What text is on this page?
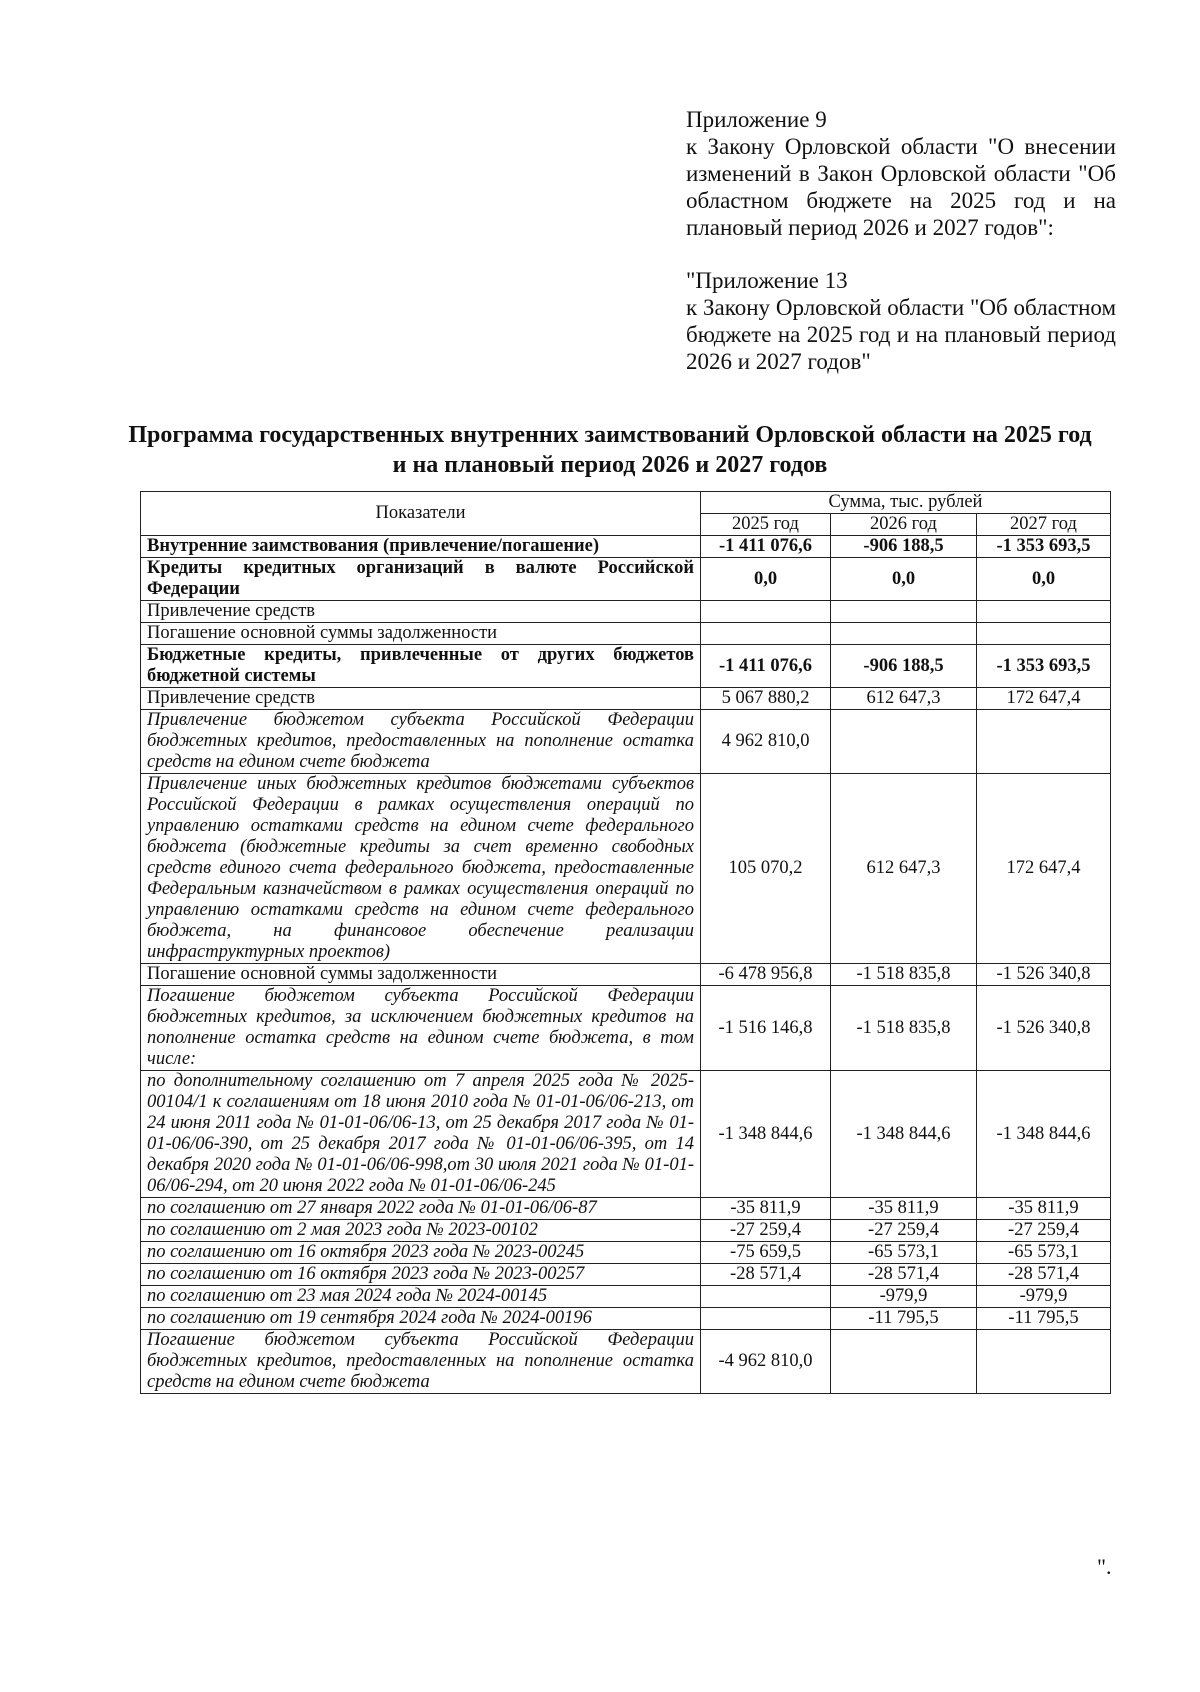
Приложение 9

к Закону Орловской области "О внесении изменений в Закон Орловской области "Об областном бюджете на 2025 год и на плановый период 2026 и 2027 годов":

"Приложение 13

к Закону Орловской области "Об областном бюджете на 2025 год и на плановый период 2026 и 2027 годов"

Программа государственных внутренних заимствований Орловской области на 2025 год и на плановый период 2026 и 2027 годов
Показатели	Сумма, тыс. рублей		
	2025 год	2026 год	2027 год
Внутренние заимствования (привлечение/погашение)	-1 411 076,6	-906 188,5	-1 353 693,5
Кредиты кредитных организаций в валюте Российской Федерации	0,0	0,0	0,0
Привлечение средств			
Погашение основной суммы задолженности			
Бюджетные кредиты, привлеченные от других бюджетов бюджетной системы	-1 411 076,6	-906 188,5	-1 353 693,5
Привлечение средств	5 067 880,2	612 647,3	172 647,4
Привлечение бюджетом субъекта Российской Федерации бюджетных кредитов, предоставленных на пополнение остатка средств на едином счете бюджета	4 962 810,0		
Привлечение иных бюджетных кредитов бюджетами субъектов Российской Федерации в рамках осуществления операций по управлению остатками средств на едином счете федерального бюджета (бюджетные кредиты за счет временно свободных средств единого счета федерального бюджета, предоставленные Федеральным казначейством в рамках осуществления операций по управлению остатками средств на едином счете федерального бюджета, на финансовое обеспечение реализации инфраструктурных проектов)	105 070,2	612 647,3	172 647,4
Погашение основной суммы задолженности	-6 478 956,8	-1 518 835,8	-1 526 340,8
Погашение бюджетом субъекта Российской Федерации бюджетных кредитов, за исключением бюджетных кредитов на пополнение остатка средств на едином счете бюджета, в том числе:	-1 516 146,8	-1 518 835,8	-1 526 340,8
по дополнительному соглашению от 7 апреля 2025 года № 2025-00104/1 к соглашениям от 18 июня 2010 года № 01-01-06/06-213, от 24 июня 2011 года № 01-01-06/06-13, от 25 декабря 2017 года № 01-01-06/06-390, от 25 декабря 2017 года № 01-01-06/06-395, от 14 декабря 2020 года № 01-01-06/06-998,от 30 июля 2021 года № 01-01-06/06-294, от 20 июня 2022 года № 01-01-06/06-245	-1 348 844,6	-1 348 844,6	-1 348 844,6
по соглашению от 27 января 2022 года № 01-01-06/06-87	-35 811,9	-35 811,9	-35 811,9
по соглашению от 2 мая 2023 года № 2023-00102	-27 259,4	-27 259,4	-27 259,4
по соглашению от 16 октября 2023 года № 2023-00245	-75 659,5	-65 573,1	-65 573,1
по соглашению от 16 октября 2023 года № 2023-00257	-28 571,4	-28 571,4	-28 571,4
по соглашению от 23 мая 2024 года № 2024-00145		-979,9	-979,9
по соглашению от 19 сентября 2024 года № 2024-00196		-11 795,5	-11 795,5
Погашение бюджетом субъекта Российской Федерации бюджетных кредитов, предоставленных на пополнение остатка средств на едином счете бюджета	-4 962 810,0		
".
